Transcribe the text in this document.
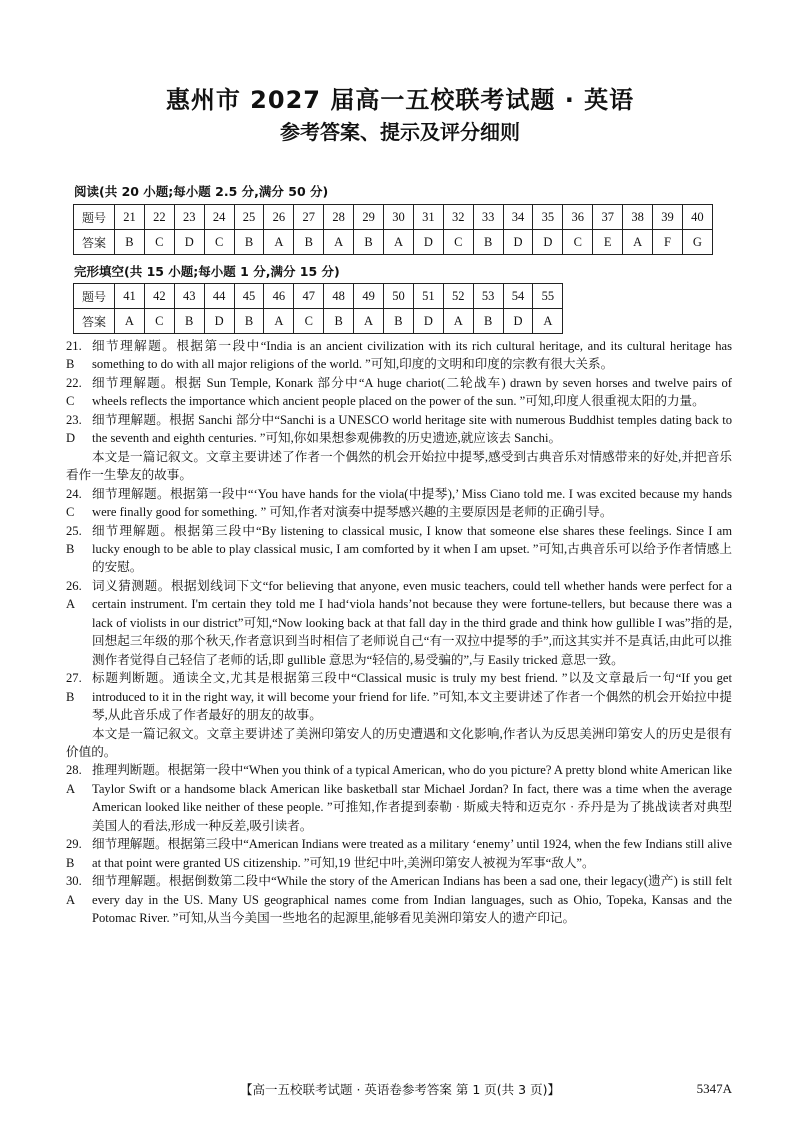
惠州市 2027 届高一五校联考试题 · 英语
参考答案、提示及评分细则
阅读(共 20 小题;每小题 2.5 分,满分 50 分)
题号	21	22	23	24	25	26	27	28	29	30	31	32	33	34	35	36	37	38	39	40
答案	B	C	D	C	B	A	B	A	B	A	D	C	B	D	D	C	E	A	F	G
完形填空(共 15 小题;每小题 1 分,满分 15 分)
题号	41	42	43	44	45	46	47	48	49	50	51	52	53	54	55
答案	A	C	B	D	B	A	C	B	A	B	D	A	B	D	A
21. B
细节理解题。根据第一段中“India is an ancient civilization with its rich cultural heritage, and its cultural heritage has something to do with all major religions of the world. ”可知,印度的文明和印度的宗教有很大关系。
22. C
细节理解题。根据 Sun Temple, Konark 部分中“A huge chariot(二轮战车) drawn by seven horses and twelve pairs of wheels reflects the importance which ancient people placed on the power of the sun. ”可知,印度人很重视太阳的力量。
23. D
细节理解题。根据 Sanchi 部分中“Sanchi is a UNESCO world heritage site with numerous Buddhist temples dating back to the seventh and eighth centuries. ”可知,你如果想参观佛教的历史遗迹,就应该去 Sanchi。

本文是一篇记叙文。文章主要讲述了作者一个偶然的机会开始拉中提琴,感受到古典音乐对情感带来的好处,并把音乐看作一生挚友的故事。

24. C
细节理解题。根据第一段中“‘You have hands for the viola(中提琴),’ Miss Ciano told me. I was excited because my hands were finally good for something. ” 可知,作者对演奏中提琴感兴趣的主要原因是老师的正确引导。
25. B
细节理解题。根据第三段中“By listening to classical music, I know that someone else shares these feelings. Since I am lucky enough to be able to play classical music, I am comforted by it when I am upset. ”可知,古典音乐可以给予作者情感上的安慰。
26. A
词义猜测题。根据划线词下文“for believing that anyone, even music teachers, could tell whether hands were perfect for a certain instrument. I'm certain they told me I had‘viola hands’not because they were fortune-tellers, but because there was a lack of violists in our district”可知,“Now looking back at that fall day in the third grade and think how gullible I was”指的是,回想起三年级的那个秋天,作者意识到当时相信了老师说自己“有一双拉中提琴的手”,而这其实并不是真话,由此可以推测作者觉得自己轻信了老师的话,即 gullible 意思为“轻信的,易受骗的”,与 Easily tricked 意思一致。
27. B
标题判断题。通读全文,尤其是根据第三段中“Classical music is truly my best friend. ”以及文章最后一句“If you get introduced to it in the right way, it will become your friend for life. ”可知,本文主要讲述了作者一个偶然的机会开始拉中提琴,从此音乐成了作者最好的朋友的故事。

本文是一篇记叙文。文章主要讲述了美洲印第安人的历史遭遇和文化影响,作者认为反思美洲印第安人的历史是很有价值的。

28. A
推理判断题。根据第一段中“When you think of a typical American, who do you picture? A pretty blond white American like Taylor Swift or a handsome black American like basketball star Michael Jordan? In fact, there was a time when the average American looked like neither of these people. ”可推知,作者提到泰勒 · 斯威夫特和迈克尔 · 乔丹是为了挑战读者对典型美国人的看法,形成一种反差,吸引读者。
29. B
细节理解题。根据第三段中“American Indians were treated as a military ‘enemy’ until 1924, when the few Indians still alive at that point were granted US citizenship. ”可知,19 世纪中叶,美洲印第安人被视为军事“敌人”。
30. A
细节理解题。根据倒数第二段中“While the story of the American Indians has been a sad one, their legacy(遗产) is still felt every day in the US. Many US geographical names come from Indian languages, such as Ohio, Topeka, Kansas and the Potomac River. ”可知,从当今美国一些地名的起源里,能够看见美洲印第安人的遗产印记。
【高一五校联考试题 · 英语卷参考答案 第 1 页(共 3 页)】	5347A
